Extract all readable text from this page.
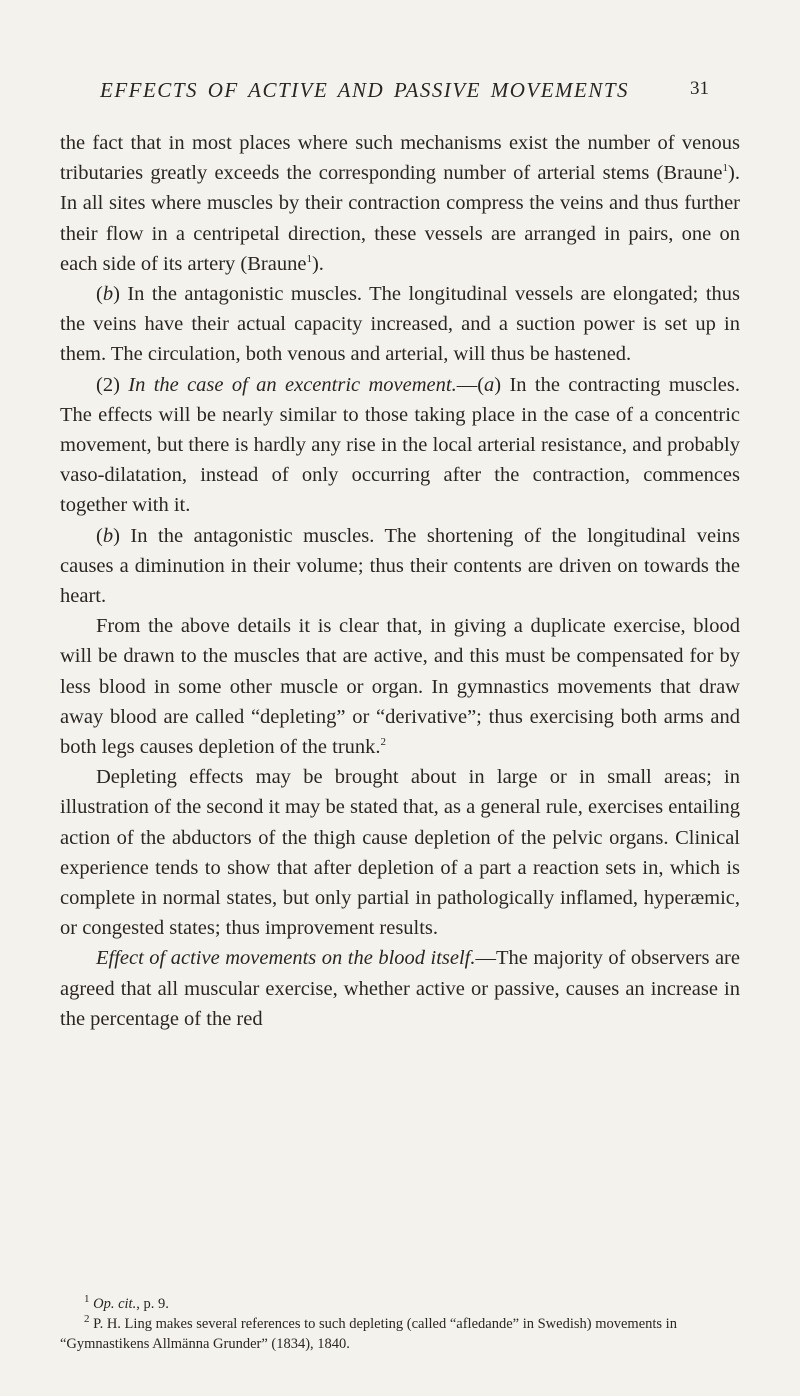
EFFECTS OF ACTIVE AND PASSIVE MOVEMENTS	31

the fact that in most places where such mechanisms exist the number of venous tributaries greatly exceeds the corresponding number of arterial stems (Braune$^1$). In all sites where muscles by their contraction compress the veins and thus further their flow in a centripetal direction, these vessels are arranged in pairs, one on each side of its artery (Braune$^1$).

(b) In the antagonistic muscles. The longitudinal vessels are elongated; thus the veins have their actual capacity increased, and a suction power is set up in them. The circulation, both venous and arterial, will thus be hastened.

(2) In the case of an excentric movement.—(a) In the contracting muscles. The effects will be nearly similar to those taking place in the case of a concentric movement, but there is hardly any rise in the local arterial resistance, and probably vaso-dilatation, instead of only occurring after the contraction, commences together with it.

(b) In the antagonistic muscles. The shortening of the longitudinal veins causes a diminution in their volume; thus their contents are driven on towards the heart.

From the above details it is clear that, in giving a duplicate exercise, blood will be drawn to the muscles that are active, and this must be compensated for by less blood in some other muscle or organ. In gymnastics movements that draw away blood are called “depleting” or “derivative”; thus exercising both arms and both legs causes depletion of the trunk.$^2$

Depleting effects may be brought about in large or in small areas; in illustration of the second it may be stated that, as a general rule, exercises entailing action of the abductors of the thigh cause depletion of the pelvic organs. Clinical experience tends to show that after depletion of a part a reaction sets in, which is complete in normal states, but only partial in pathologically inflamed, hyperæmic, or congested states; thus improvement results.

Effect of active movements on the blood itself.—The majority of observers are agreed that all muscular exercise, whether active or passive, causes an increase in the percentage of the red

$^1$ Op. cit., p. 9.

$^2$ P. H. Ling makes several references to such depleting (called “afledande” in Swedish) movements in “Gymnastikens Allmänna Grunder” (1834), 1840.
